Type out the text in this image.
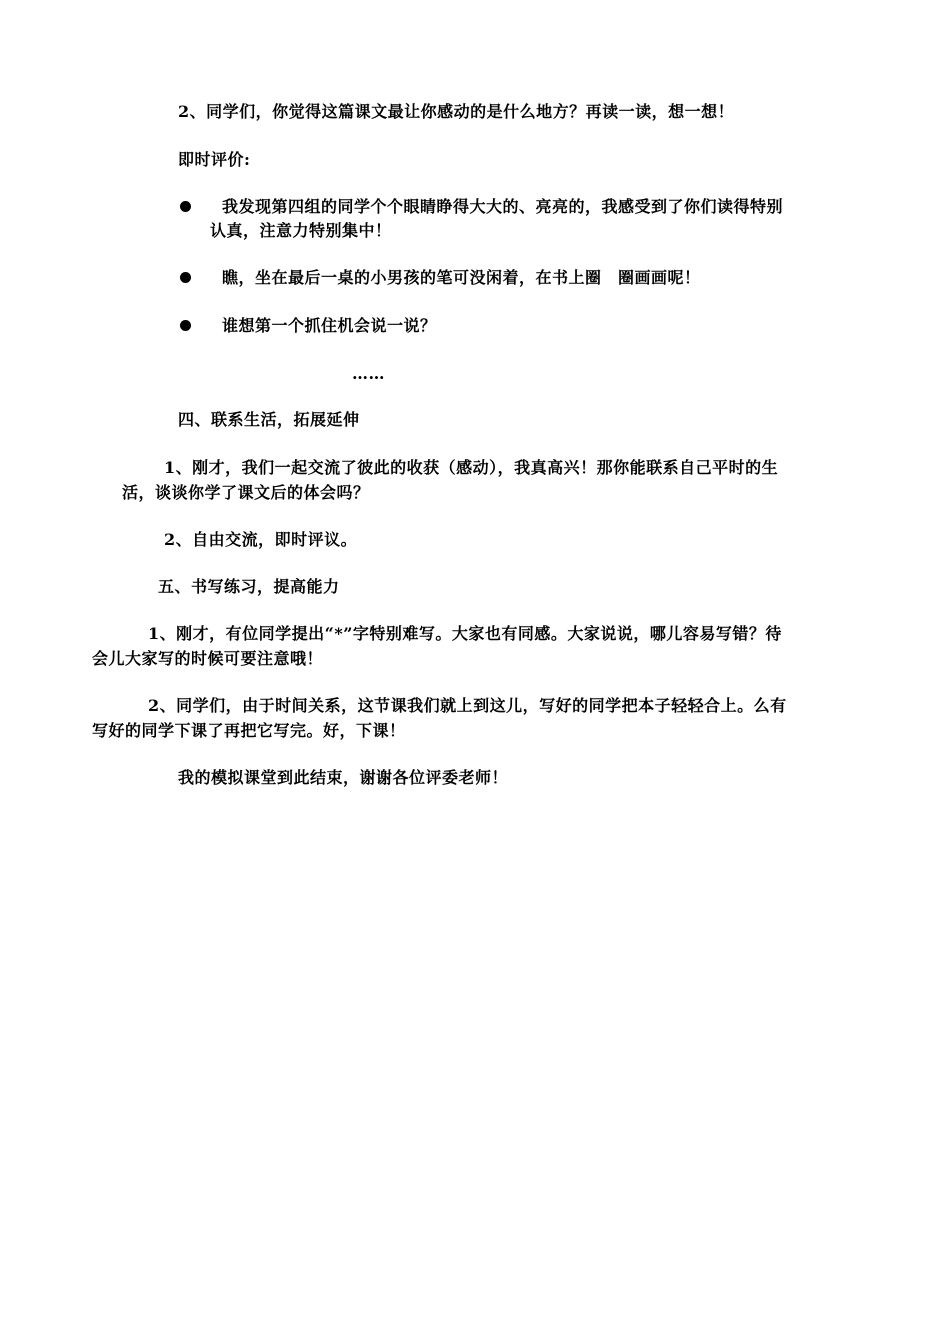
2、同学们，你觉得这篇课文最让你感动的是什么地方？再读一读，想一想！
即时评价:
我发现第四组的同学个个眼睛睁得大大的、亮亮的，我感受到了你们读得特别
认真，注意力特别集中！
瞧，坐在最后一桌的小男孩的笔可没闲着，在书上圈　圈画画呢！
谁想第一个抓住机会说一说？
……
四、联系生活，拓展延伸
1、刚才，我们一起交流了彼此的收获（感动），我真高兴！那你能联系自己平时的生
活，谈谈你学了课文后的体会吗？
2、自由交流，即时评议。
五、书写练习，提高能力
1、刚才，有位同学提出“*”字特别难写。大家也有同感。大家说说，哪儿容易写错？待
会儿大家写的时候可要注意哦！
2、同学们，由于时间关系，这节课我们就上到这儿，写好的同学把本子轻轻合上。么有
写好的同学下课了再把它写完。好，下课！
我的模拟课堂到此结束，谢谢各位评委老师！
